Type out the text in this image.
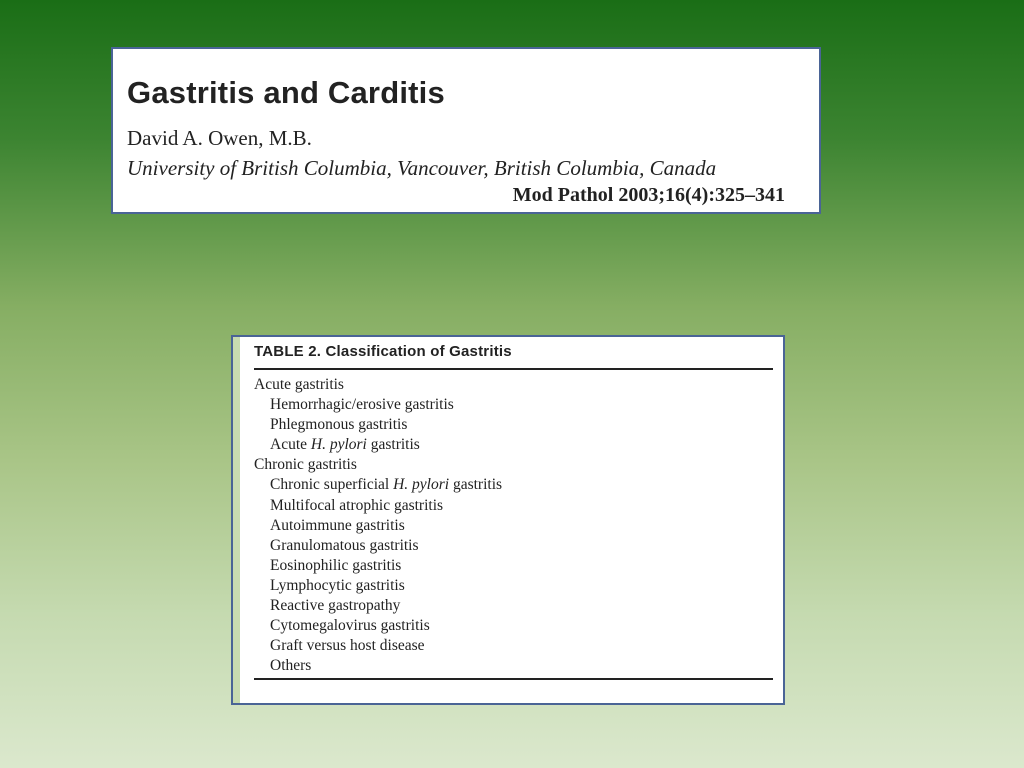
Gastritis and Carditis
David A. Owen, M.B.
University of British Columbia, Vancouver, British Columbia, Canada
Mod Pathol 2003;16(4):325–341
TABLE 2. Classification of Gastritis
Acute gastritis
Hemorrhagic/erosive gastritis
Phlegmonous gastritis
Acute H. pylori gastritis
Chronic gastritis
Chronic superficial H. pylori gastritis
Multifocal atrophic gastritis
Autoimmune gastritis
Granulomatous gastritis
Eosinophilic gastritis
Lymphocytic gastritis
Reactive gastropathy
Cytomegalovirus gastritis
Graft versus host disease
Others
